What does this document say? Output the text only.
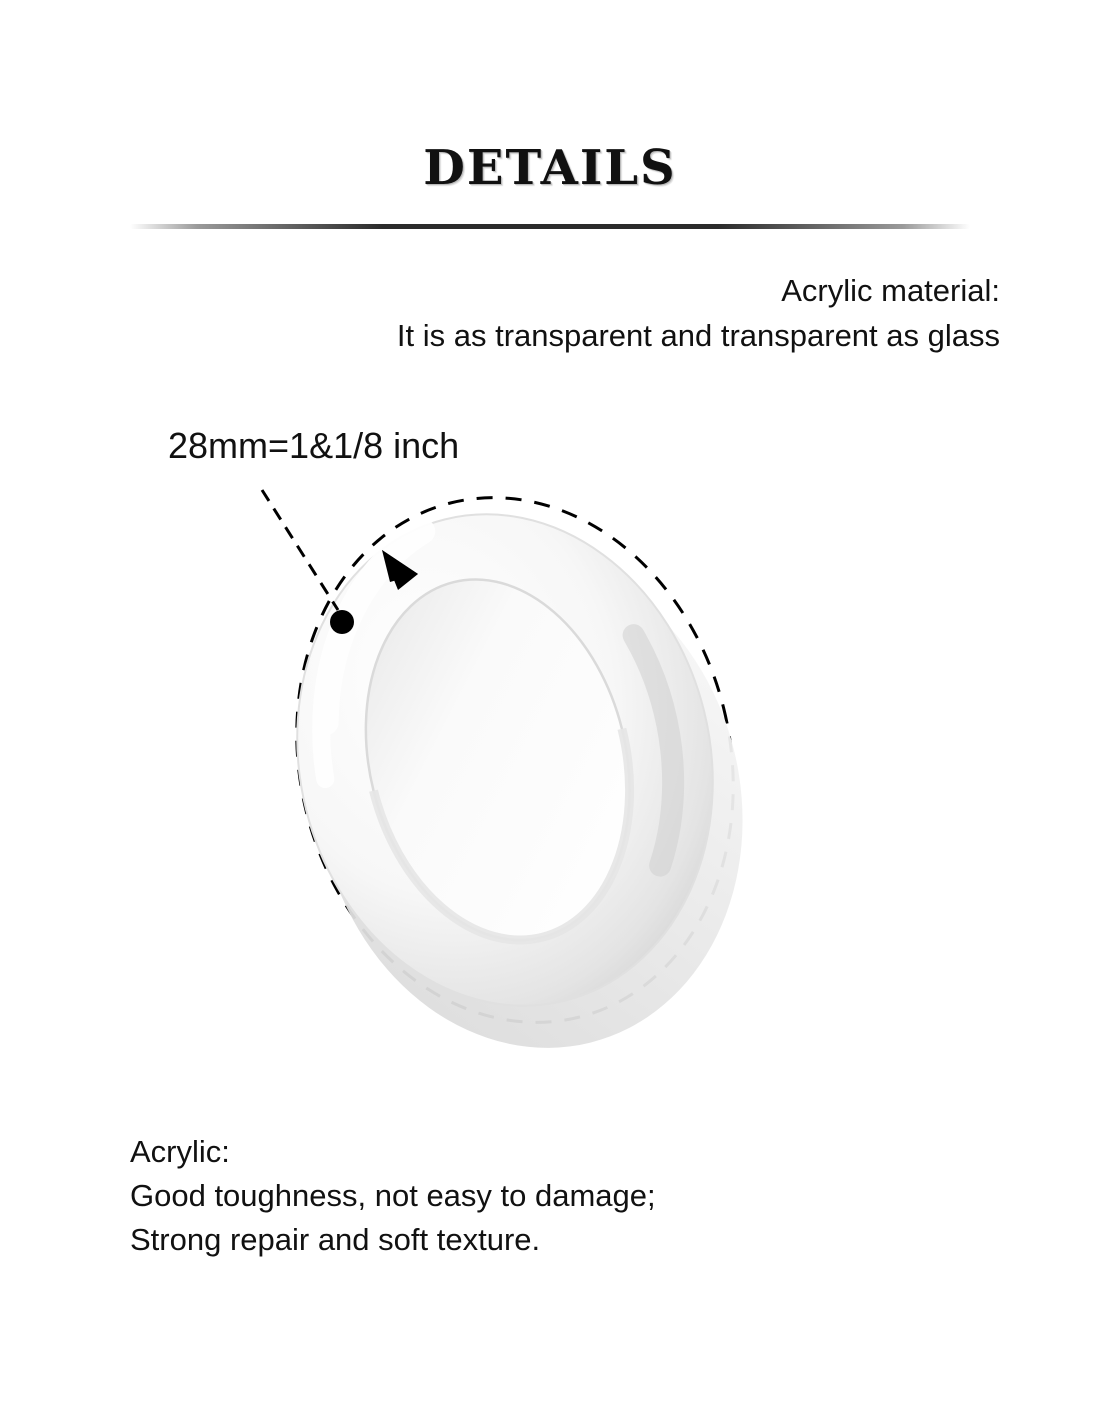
DETAILS
Acrylic material:
It is as transparent and transparent as glass
28mm=1&1/8 inch
Acrylic:
Good toughness, not easy to damage;
Strong repair and soft texture.
